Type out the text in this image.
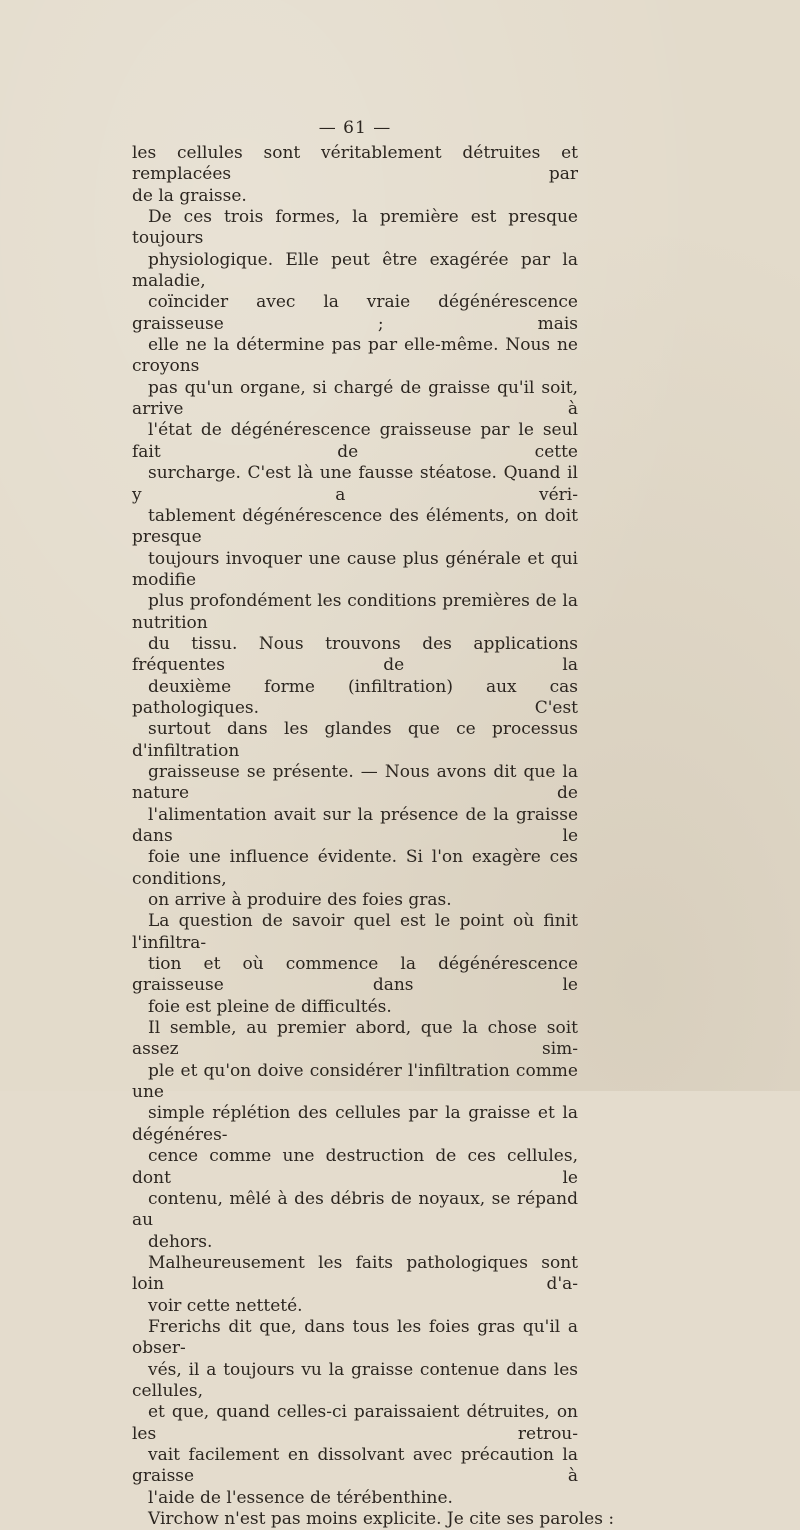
— 61 —

les cellules sont véritablement détruites et remplacées par
de la graisse.

De ces trois formes, la première est presque toujours
physiologique. Elle peut être exagérée par la maladie,
coïncider avec la vraie dégénérescence graisseuse ; mais
elle ne la détermine pas par elle-même. Nous ne croyons
pas qu'un organe, si chargé de graisse qu'il soit, arrive à
l'état de dégénérescence graisseuse par le seul fait de cette
surcharge. C'est là une fausse stéatose. Quand il y a véri-
tablement dégénérescence des éléments, on doit presque
toujours invoquer une cause plus générale et qui modifie
plus profondément les conditions premières de la nutrition
du tissu. Nous trouvons des applications fréquentes de la
deuxième forme (infiltration) aux cas pathologiques. C'est
surtout dans les glandes que ce processus d'infiltration
graisseuse se présente. — Nous avons dit que la nature de
l'alimentation avait sur la présence de la graisse dans le
foie une influence évidente. Si l'on exagère ces conditions,
on arrive à produire des foies gras.

La question de savoir quel est le point où finit l'infiltra-
tion et où commence la dégénérescence graisseuse dans le
foie est pleine de difficultés.

Il semble, au premier abord, que la chose soit assez sim-
ple et qu'on doive considérer l'infiltration comme une
simple réplétion des cellules par la graisse et la dégénéres-
cence comme une destruction de ces cellules, dont le
contenu, mêlé à des débris de noyaux, se répand au
dehors.

Malheureusement les faits pathologiques sont loin d'a-
voir cette netteté.

Frerichs dit que, dans tous les foies gras qu'il a obser-
vés, il a toujours vu la graisse contenue dans les cellules,
et que, quand celles-ci paraissaient détruites, on les retrou-
vait facilement en dissolvant avec précaution la graisse à
l'aide de l'essence de térébenthine.

Virchow n'est pas moins explicite. Je cite ses paroles :
